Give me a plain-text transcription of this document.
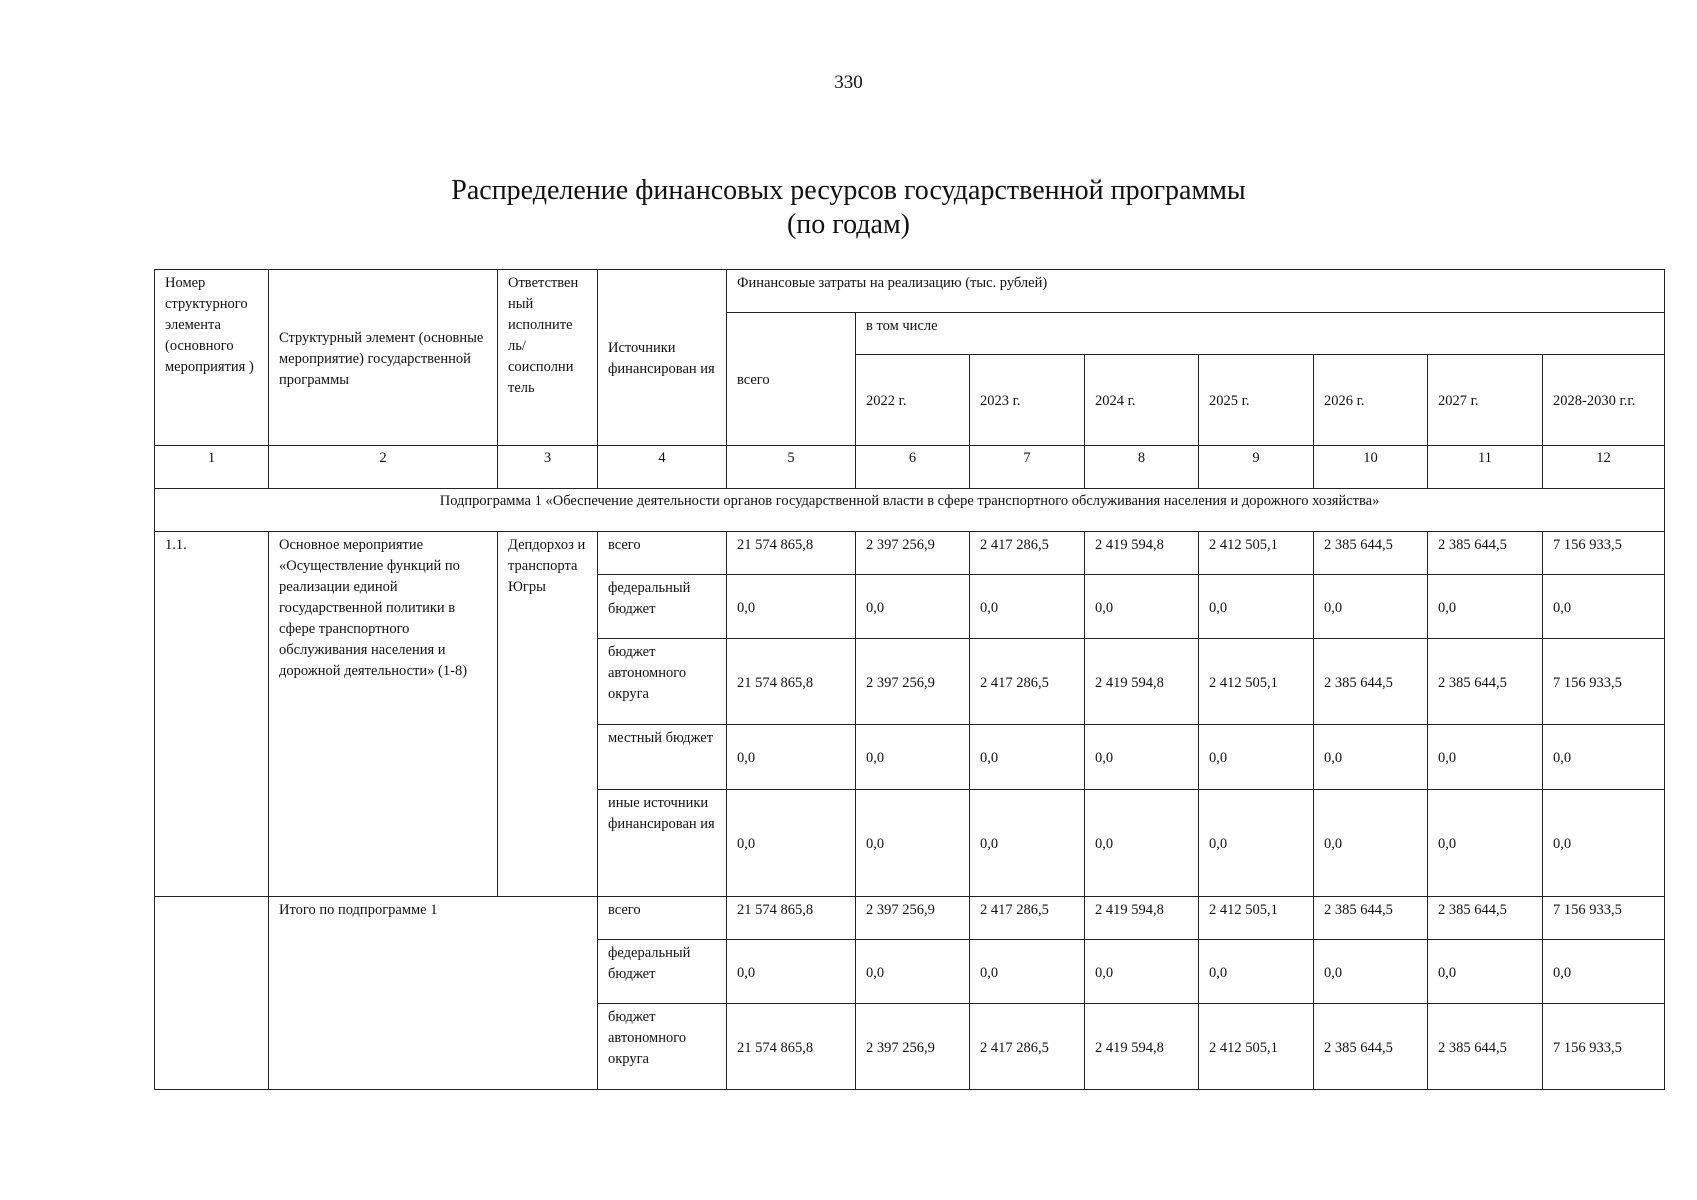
330
Распределение финансовых ресурсов государственной программы
(по годам)
Номер структурного элемента (основного мероприятия )	Структурный элемент (основные мероприятие) государственной программы	Ответствен ный исполните ль/ соисполни тель	Источники финансирован ия	Финансовые затраты на реализацию (тыс. рублей)							
				всего	в том числе						
					2022 г.	2023 г.	2024 г.	2025 г.	2026 г.	2027 г.	2028-2030 г.г.
1	2	3	4	5	6	7	8	9	10	11	12
Подпрограмма 1 «Обеспечение деятельности органов государственной власти в сфере транспортного обслуживания населения и дорожного хозяйства»											
1.1.	Основное мероприятие «Осуществление функций по реализации единой государственной политики в сфере транспортного обслуживания населения и дорожной деятельности» (1-8)	Депдорхоз и транспорта Югры	всего	21 574 865,8	2 397 256,9	2 417 286,5	2 419 594,8	2 412 505,1	2 385 644,5	2 385 644,5	7 156 933,5
			федеральный бюджет	0,0	0,0	0,0	0,0	0,0	0,0	0,0	0,0
			бюджет автономного округа	21 574 865,8	2 397 256,9	2 417 286,5	2 419 594,8	2 412 505,1	2 385 644,5	2 385 644,5	7 156 933,5
			местный бюджет	0,0	0,0	0,0	0,0	0,0	0,0	0,0	0,0
			иные источники финансирован ия	0,0	0,0	0,0	0,0	0,0	0,0	0,0	0,0
	Итого по подпрограмме 1		всего	21 574 865,8	2 397 256,9	2 417 286,5	2 419 594,8	2 412 505,1	2 385 644,5	2 385 644,5	7 156 933,5
			федеральный бюджет	0,0	0,0	0,0	0,0	0,0	0,0	0,0	0,0
			бюджет автономного округа	21 574 865,8	2 397 256,9	2 417 286,5	2 419 594,8	2 412 505,1	2 385 644,5	2 385 644,5	7 156 933,5
